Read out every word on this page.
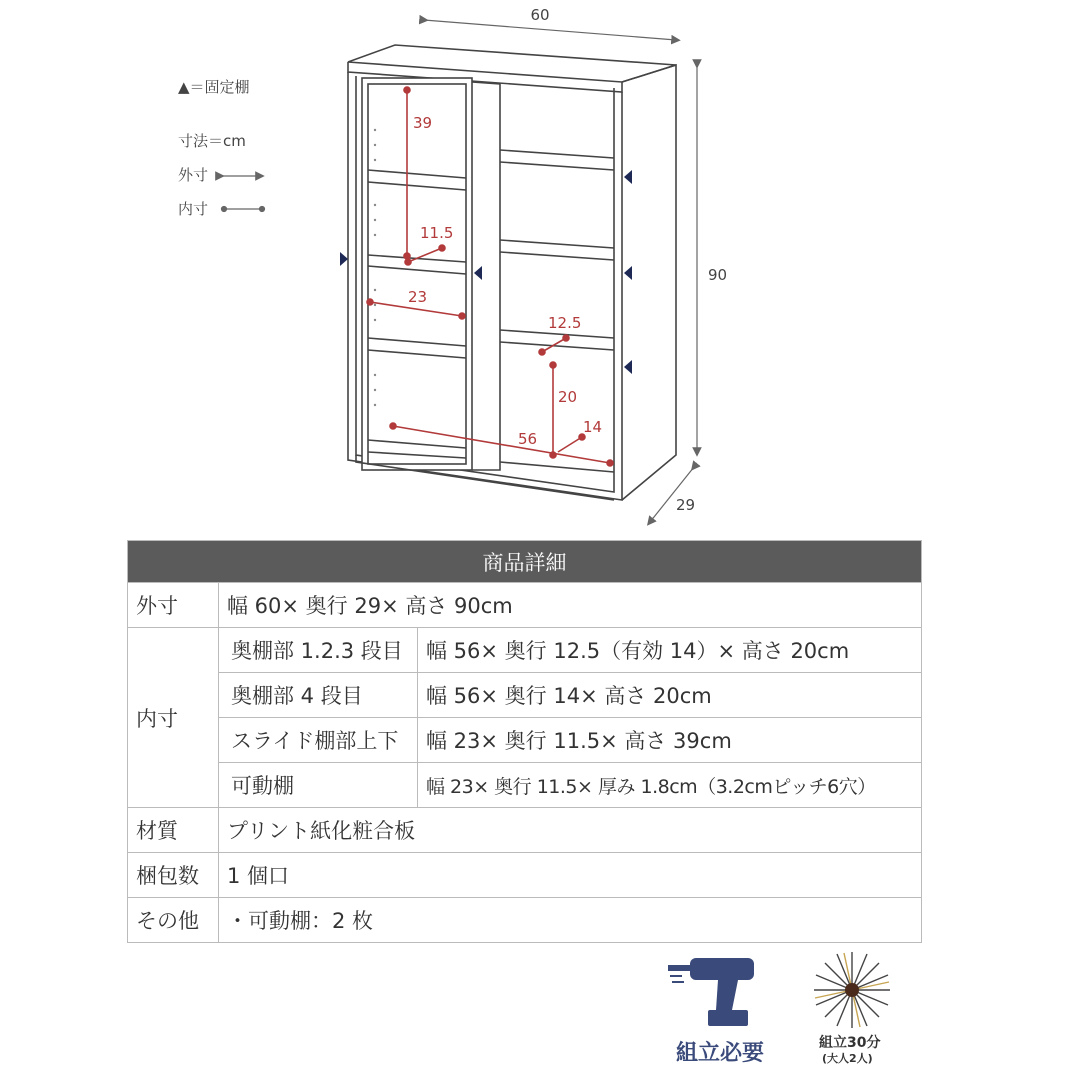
60
90
29
39
11.5
23
12.5
20
14
56
▲＝固定棚
寸法＝cm
外寸
内寸
商品詳細		
外寸	幅 60× 奥行 29× 高さ 90cm	
内寸	奥棚部 1.2.3 段目	幅 56× 奥行 12.5（有効 14）× 高さ 20cm
	奥棚部 4 段目	幅 56× 奥行 14× 高さ 20cm
	スライド棚部上下	幅 23× 奥行 11.5× 高さ 39cm
	可動棚	幅 23× 奥行 11.5× 厚み 1.8cm（3.2cmピッチ6穴）
材質	プリント紙化粧合板	
梱包数	1 個口	
その他	・可動棚：2 枚	
組立必要	組立30分
(大人2人)
